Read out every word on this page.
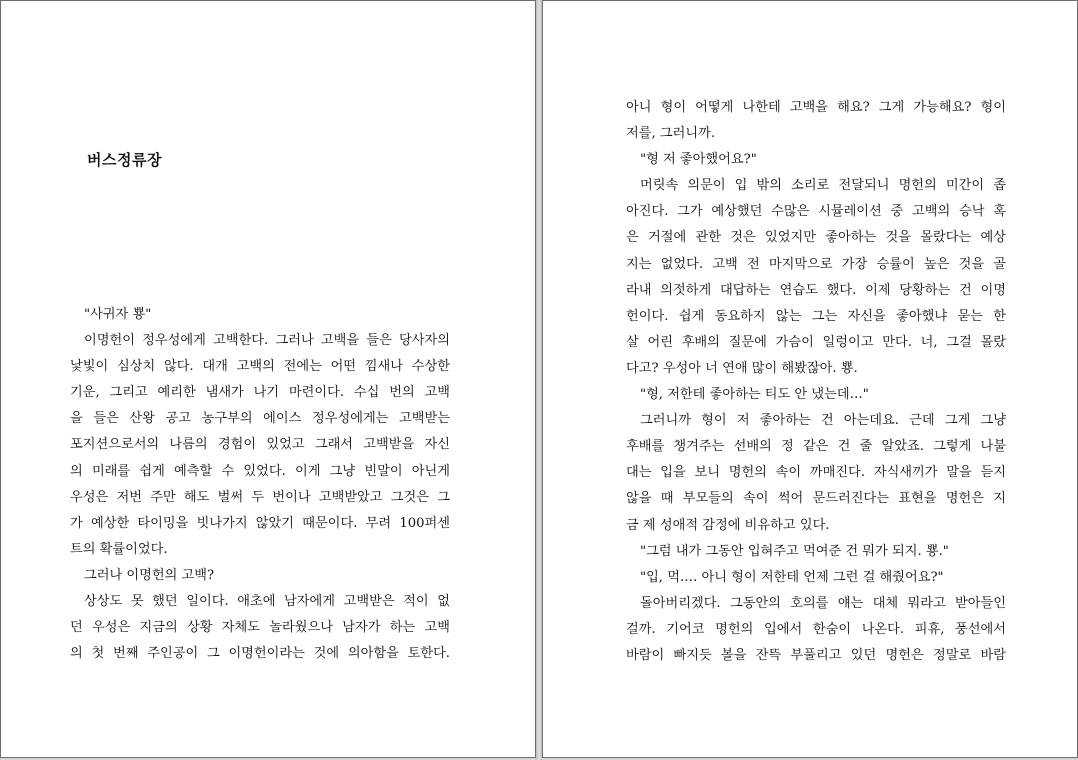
버스정류장
"사귀자 뿅"
이명헌이 정우성에게 고백한다. 그러나 고백을 들은 당사자의
낯빛이 심상치 않다. 대개 고백의 전에는 어떤 낌새나 수상한
기운, 그리고 예리한 냄새가 나기 마련이다. 수십 번의 고백
을 들은 산왕 공고 농구부의 에이스 정우성에게는 고백받는
포지션으로서의 나름의 경험이 있었고 그래서 고백받을 자신
의 미래를 쉽게 예측할 수 있었다. 이게 그냥 빈말이 아닌게
우성은 저번 주만 해도 벌써 두 번이나 고백받았고 그것은 그
가 예상한 타이밍을 빗나가지 않았기 때문이다. 무려 100퍼센
트의 확률이었다.
그러나 이명헌의 고백?
상상도 못 했던 일이다. 애초에 남자에게 고백받은 적이 없
던 우성은 지금의 상황 자체도 놀라웠으나 남자가 하는 고백
의 첫 번째 주인공이 그 이명헌이라는 것에 의아함을 토한다.
아니 형이 어떻게 나한테 고백을 해요? 그게 가능해요? 형이
저를, 그러니까.
"형 저 좋아했어요?"
머릿속 의문이 입 밖의 소리로 전달되니 명헌의 미간이 좁
아진다. 그가 예상했던 수많은 시뮬레이션 중 고백의 승낙 혹
은 거절에 관한 것은 있었지만 좋아하는 것을 몰랐다는 예상
지는 없었다. 고백 전 마지막으로 가장 승률이 높은 것을 골
라내 의젓하게 대답하는 연습도 했다. 이제 당황하는 건 이명
헌이다. 쉽게 동요하지 않는 그는 자신을 좋아했냐 묻는 한
살 어린 후배의 질문에 가슴이 일렁이고 만다. 너, 그걸 몰랐
다고? 우성아 너 연애 많이 해봤잖아. 뿅.
"형, 저한테 좋아하는 티도 안 냈는데…"
그러니까 형이 저 좋아하는 건 아는데요. 근데 그게 그냥
후배를 챙겨주는 선배의 정 같은 건 줄 알았죠. 그렇게 나불
대는 입을 보니 명헌의 속이 까매진다. 자식새끼가 말을 듣지
않을 때 부모들의 속이 썩어 문드러진다는 표현을 명헌은 지
금 제 성애적 감정에 비유하고 있다.
"그럼 내가 그동안 입혀주고 먹여준 건 뭐가 되지. 뿅."
"입, 먹…. 아니 형이 저한테 언제 그런 걸 해줬어요?"
돌아버리겠다. 그동안의 호의를 얘는 대체 뭐라고 받아들인
걸까. 기어코 명헌의 입에서 한숨이 나온다. 피휴, 풍선에서
바람이 빠지듯 볼을 잔뜩 부풀리고 있던 명헌은 정말로 바람
